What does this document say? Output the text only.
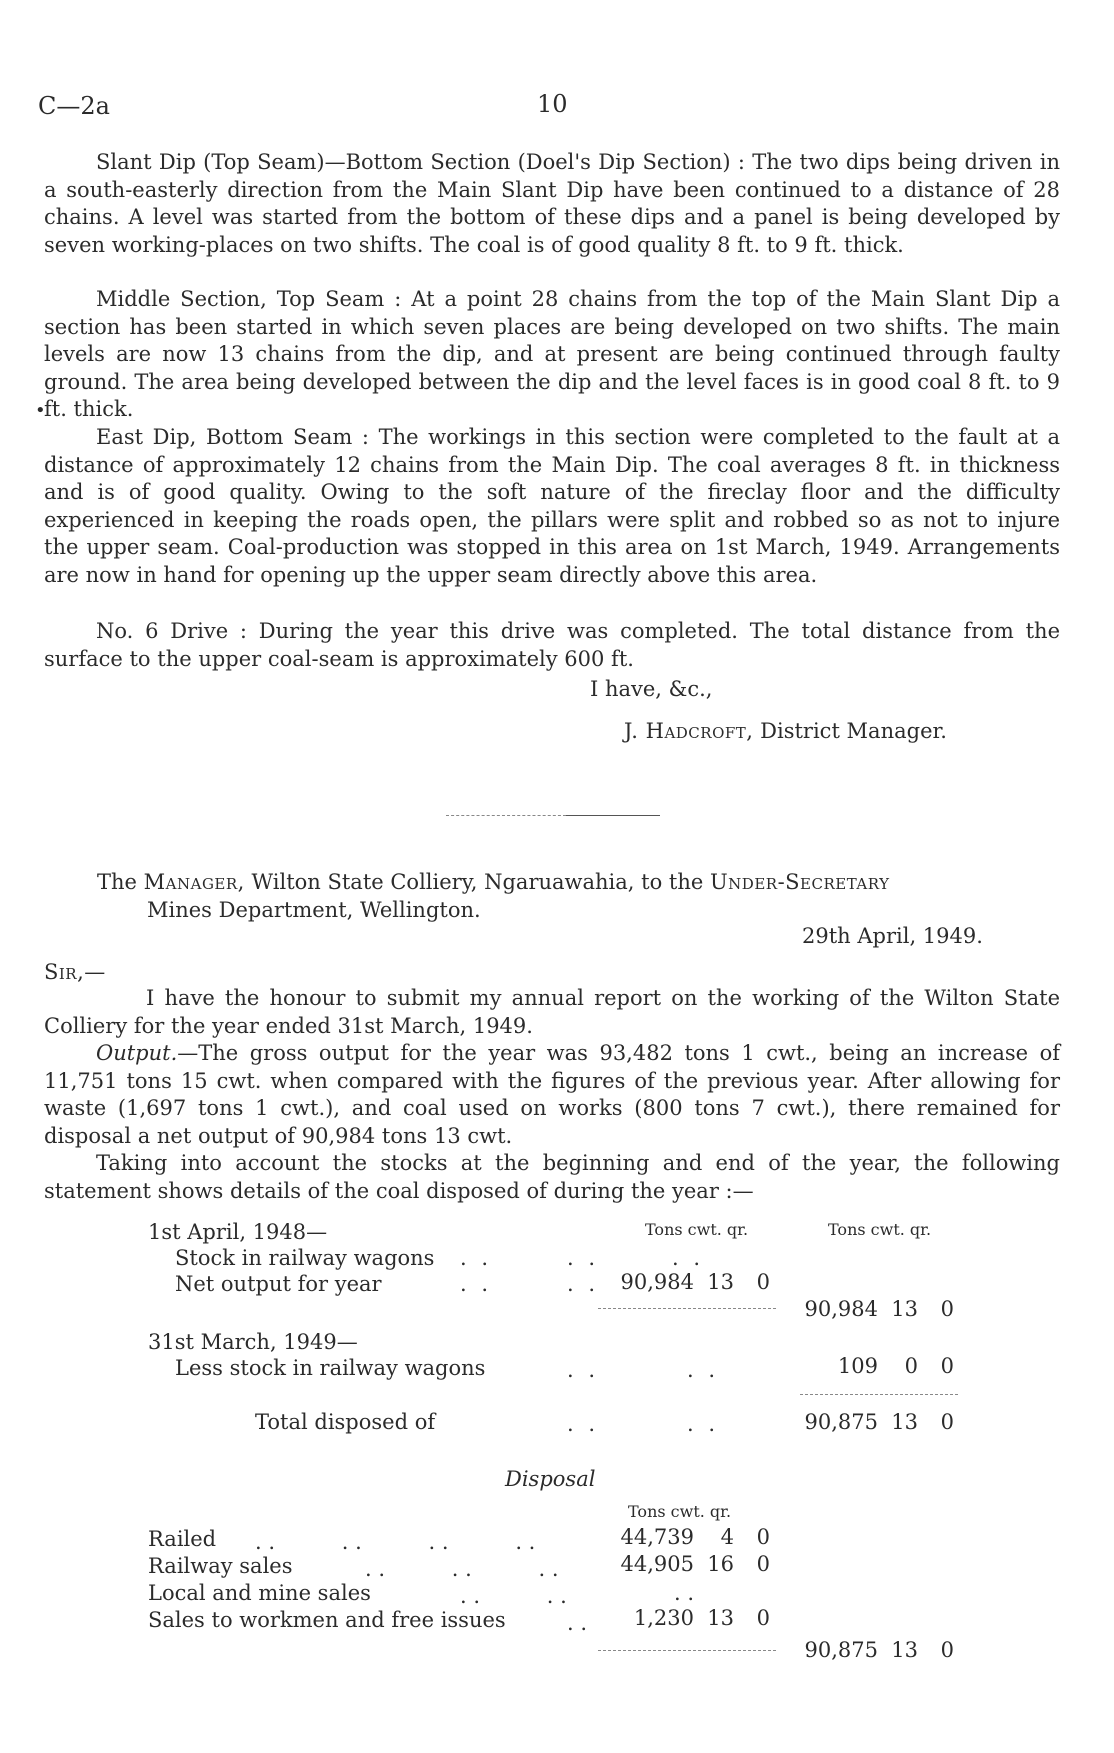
C—2a	10
Slant Dip (Top Seam)—Bottom Section (Doel's Dip Section) : The two dips being driven in a south-easterly direction from the Main Slant Dip have been continued to a distance of 28 chains. A level was started from the bottom of these dips and a panel is being developed by seven working-places on two shifts. The coal is of good quality 8 ft. to 9 ft. thick.
Middle Section, Top Seam : At a point 28 chains from the top of the Main Slant Dip a section has been started in which seven places are being developed on two shifts. The main levels are now 13 chains from the dip, and at present are being continued through faulty ground. The area being developed between the dip and the level faces is in good coal 8 ft. to 9 ft. thick.
•
East Dip, Bottom Seam : The workings in this section were completed to the fault at a distance of approximately 12 chains from the Main Dip. The coal averages 8 ft. in thickness and is of good quality. Owing to the soft nature of the fireclay floor and the difficulty experienced in keeping the roads open, the pillars were split and robbed so as not to injure the upper seam. Coal-production was stopped in this area on 1st March, 1949. Arrangements are now in hand for opening up the upper seam directly above this area.
No. 6 Drive : During the year this drive was completed. The total distance from the surface to the upper coal-seam is approximately 600 ft.
I have, &c.,
J. Hadcroft, District Manager.
The Manager, Wilton State Colliery, Ngaruawahia, to the Under-Secretary
Mines Department, Wellington.
29th April, 1949.
Sir,—
I have the honour to submit my annual report on the working of the Wilton State Colliery for the year ended 31st March, 1949.
Output.—The gross output for the year was 93,482 tons 1 cwt., being an increase of 11,751 tons 15 cwt. when compared with the figures of the previous year. After allowing for waste (1,697 tons 1 cwt.), and coal used on works (800 tons 7 cwt.), there remained for disposal a net output of 90,984 tons 13 cwt.
Taking into account the stocks at the beginning and end of the year, the following statement shows details of the coal disposed of during the year :—
Tons cwt. qr.	Tons cwt. qr.
1st April, 1948—
Stock in railway wagons . .	. .	. .
Net output for year	. .	. .	90,984 13	0
90,984 13	0
31st March, 1949—
Less stock in railway wagons	. .	. .	109	0	0
Total disposed of	. .	. .	90,875 13	0
Disposal
Tons cwt. qr.
Railed . .          . .          . .          . .	44,739	4	0
Railway sales	. .          . .          . .	44,905 16	0
Local and mine sales	. .          . .	. .
Sales to workmen and free issues	. .	1,230 13	0
90,875 13	0
